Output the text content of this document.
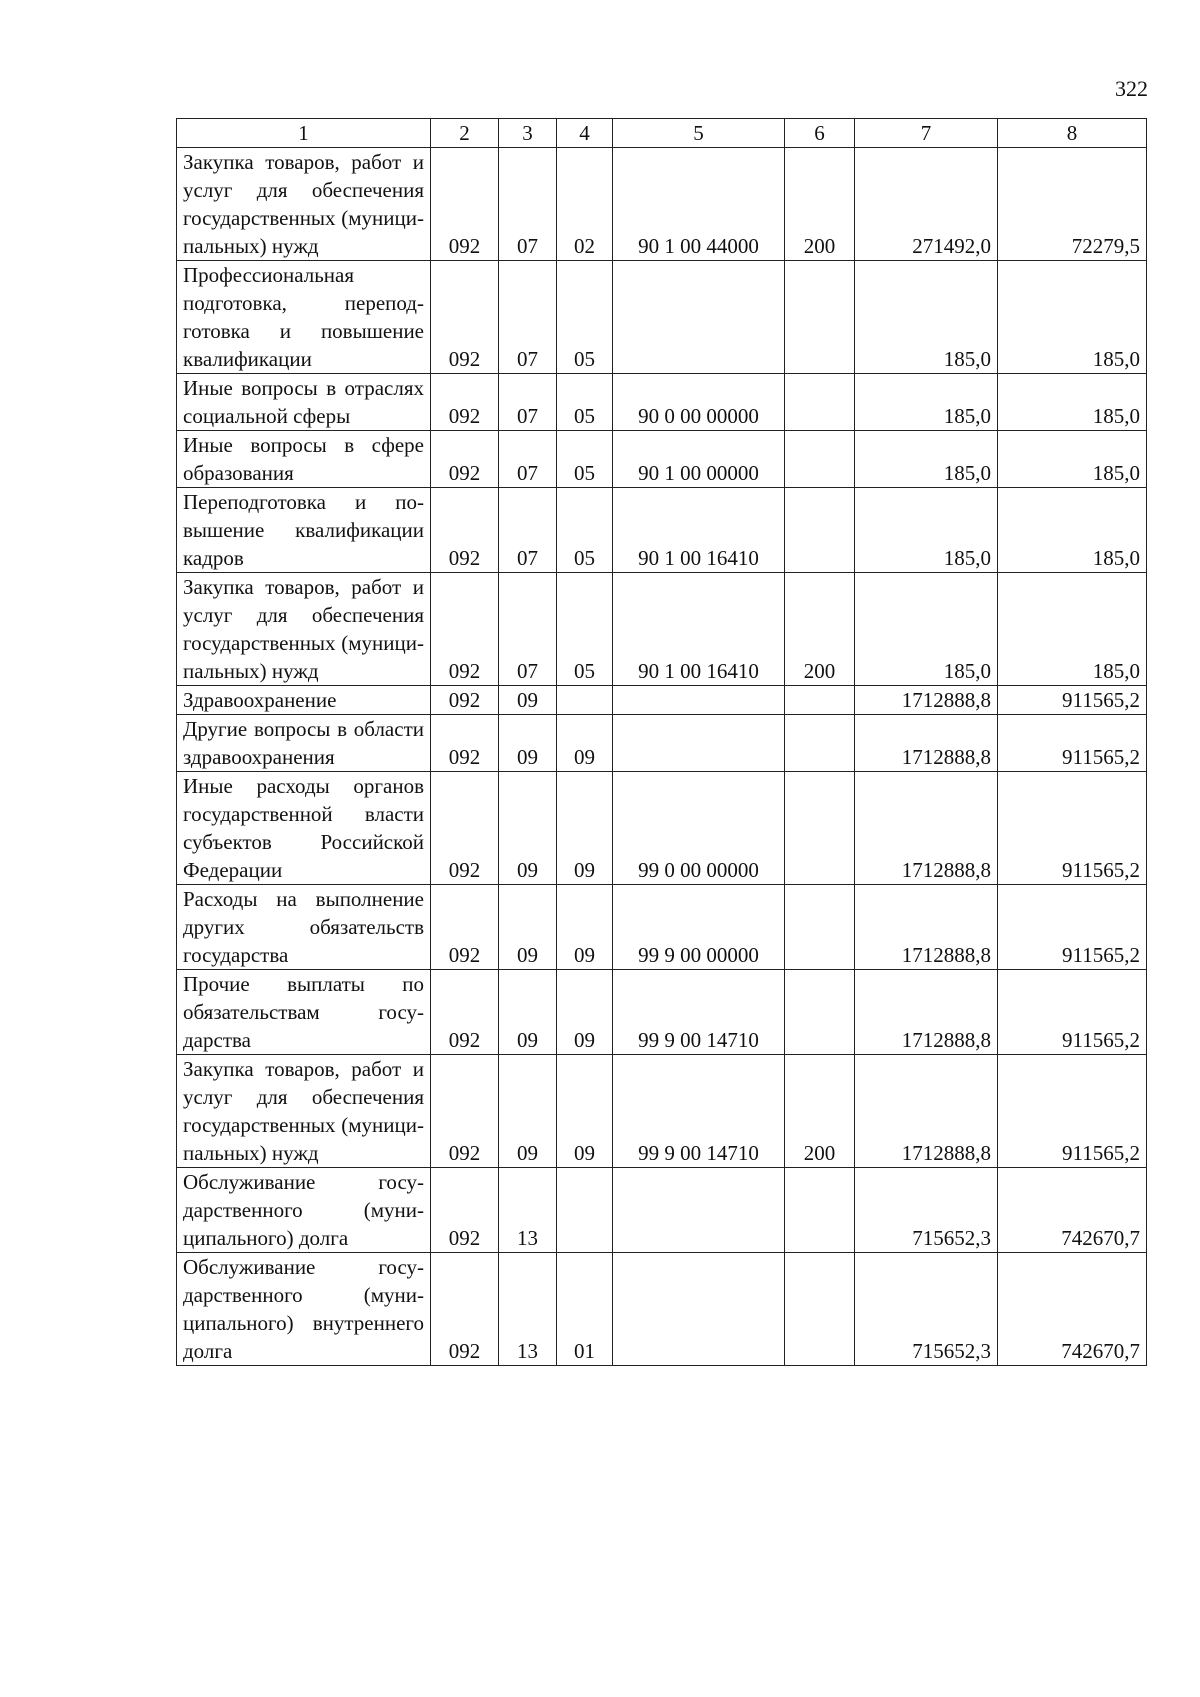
322
1	2	3	4	5	6	7	8
Закупка товаров, работ и услуг для обеспечения государственных (муниципальных) нужд	092	07	02	90 1 00 44000	200	271492,0	72279,5
Профессиональная подготовка, переподготовка и повышение квалификации	092	07	05			185,0	185,0
Иные вопросы в отраслях социальной сферы	092	07	05	90 0 00 00000		185,0	185,0
Иные вопросы в сфере образования	092	07	05	90 1 00 00000		185,0	185,0
Переподготовка и повышение квалификации кадров	092	07	05	90 1 00 16410		185,0	185,0
Закупка товаров, работ и услуг для обеспечения государственных (муниципальных) нужд	092	07	05	90 1 00 16410	200	185,0	185,0
Здравоохранение	092	09				1712888,8	911565,2
Другие вопросы в области здравоохранения	092	09	09			1712888,8	911565,2
Иные расходы органов государственной власти субъектов Российской Федерации	092	09	09	99 0 00 00000		1712888,8	911565,2
Расходы на выполнение других обязательств государства	092	09	09	99 9 00 00000		1712888,8	911565,2
Прочие выплаты по обязательствам государства	092	09	09	99 9 00 14710		1712888,8	911565,2
Закупка товаров, работ и услуг для обеспечения государственных (муниципальных) нужд	092	09	09	99 9 00 14710	200	1712888,8	911565,2
Обслуживание государственного (муниципального) долга	092	13				715652,3	742670,7
Обслуживание государственного (муниципального) внутреннего долга	092	13	01			715652,3	742670,7
